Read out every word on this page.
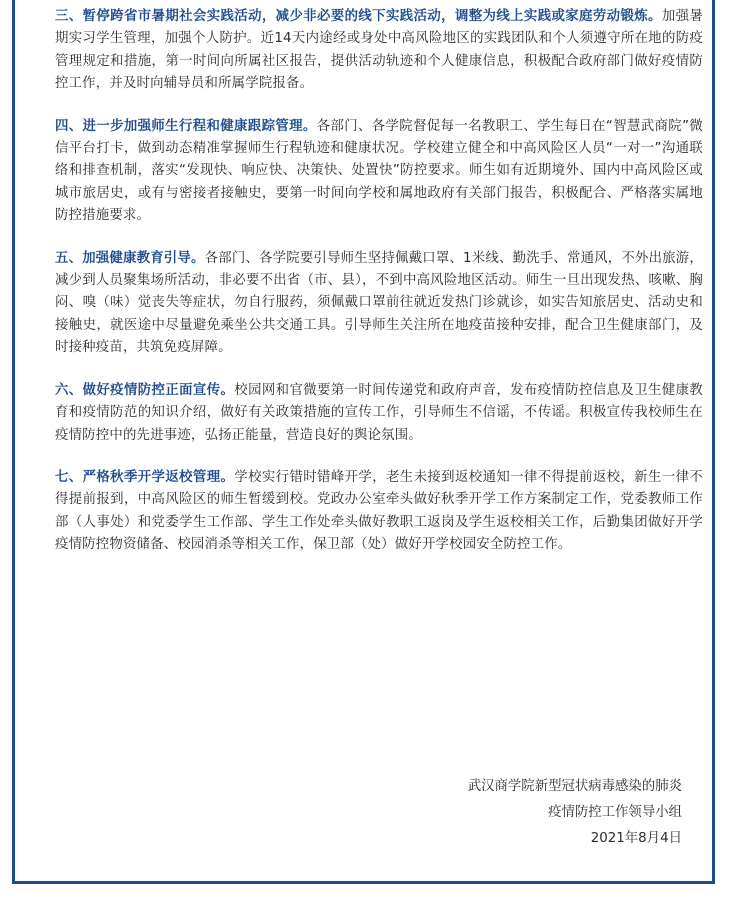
三、暂停跨省市暑期社会实践活动，减少非必要的线下实践活动，调整为线上实践或家庭劳动锻炼。加强暑期实习学生管理，加强个人防护。近14天内途经或身处中高风险地区的实践团队和个人须遵守所在地的防疫管理规定和措施，第一时间向所属社区报告，提供活动轨迹和个人健康信息，积极配合政府部门做好疫情防控工作，并及时向辅导员和所属学院报备。

四、进一步加强师生行程和健康跟踪管理。各部门、各学院督促每一名教职工、学生每日在“智慧武商院”微信平台打卡，做到动态精准掌握师生行程轨迹和健康状况。学校建立健全和中高风险区人员“一对一”沟通联络和排查机制，落实“发现快、响应快、决策快、处置快”防控要求。师生如有近期境外、国内中高风险区或城市旅居史，或有与密接者接触史，要第一时间向学校和属地政府有关部门报告，积极配合、严格落实属地防控措施要求。

五、加强健康教育引导。各部门、各学院要引导师生坚持佩戴口罩、1米线、勤洗手、常通风，不外出旅游，减少到人员聚集场所活动，非必要不出省（市、县），不到中高风险地区活动。师生一旦出现发热、咳嗽、胸闷、嗅（味）觉丧失等症状，勿自行服药，须佩戴口罩前往就近发热门诊就诊，如实告知旅居史、活动史和接触史，就医途中尽量避免乘坐公共交通工具。引导师生关注所在地疫苗接种安排，配合卫生健康部门，及时接种疫苗，共筑免疫屏障。

六、做好疫情防控正面宣传。校园网和官微要第一时间传递党和政府声音，发布疫情防控信息及卫生健康教育和疫情防范的知识介绍，做好有关政策措施的宣传工作，引导师生不信谣，不传谣。积极宣传我校师生在疫情防控中的先进事迹，弘扬正能量，营造良好的舆论氛围。

七、严格秋季开学返校管理。学校实行错时错峰开学，老生未接到返校通知一律不得提前返校，新生一律不得提前报到，中高风险区的师生暂缓到校。党政办公室牵头做好秋季开学工作方案制定工作，党委教师工作部（人事处）和党委学生工作部、学生工作处牵头做好教职工返岗及学生返校相关工作，后勤集团做好开学疫情防控物资储备、校园消杀等相关工作，保卫部（处）做好开学校园安全防控工作。

武汉商学院新型冠状病毒感染的肺炎
疫情防控工作领导小组
2021年8月4日
